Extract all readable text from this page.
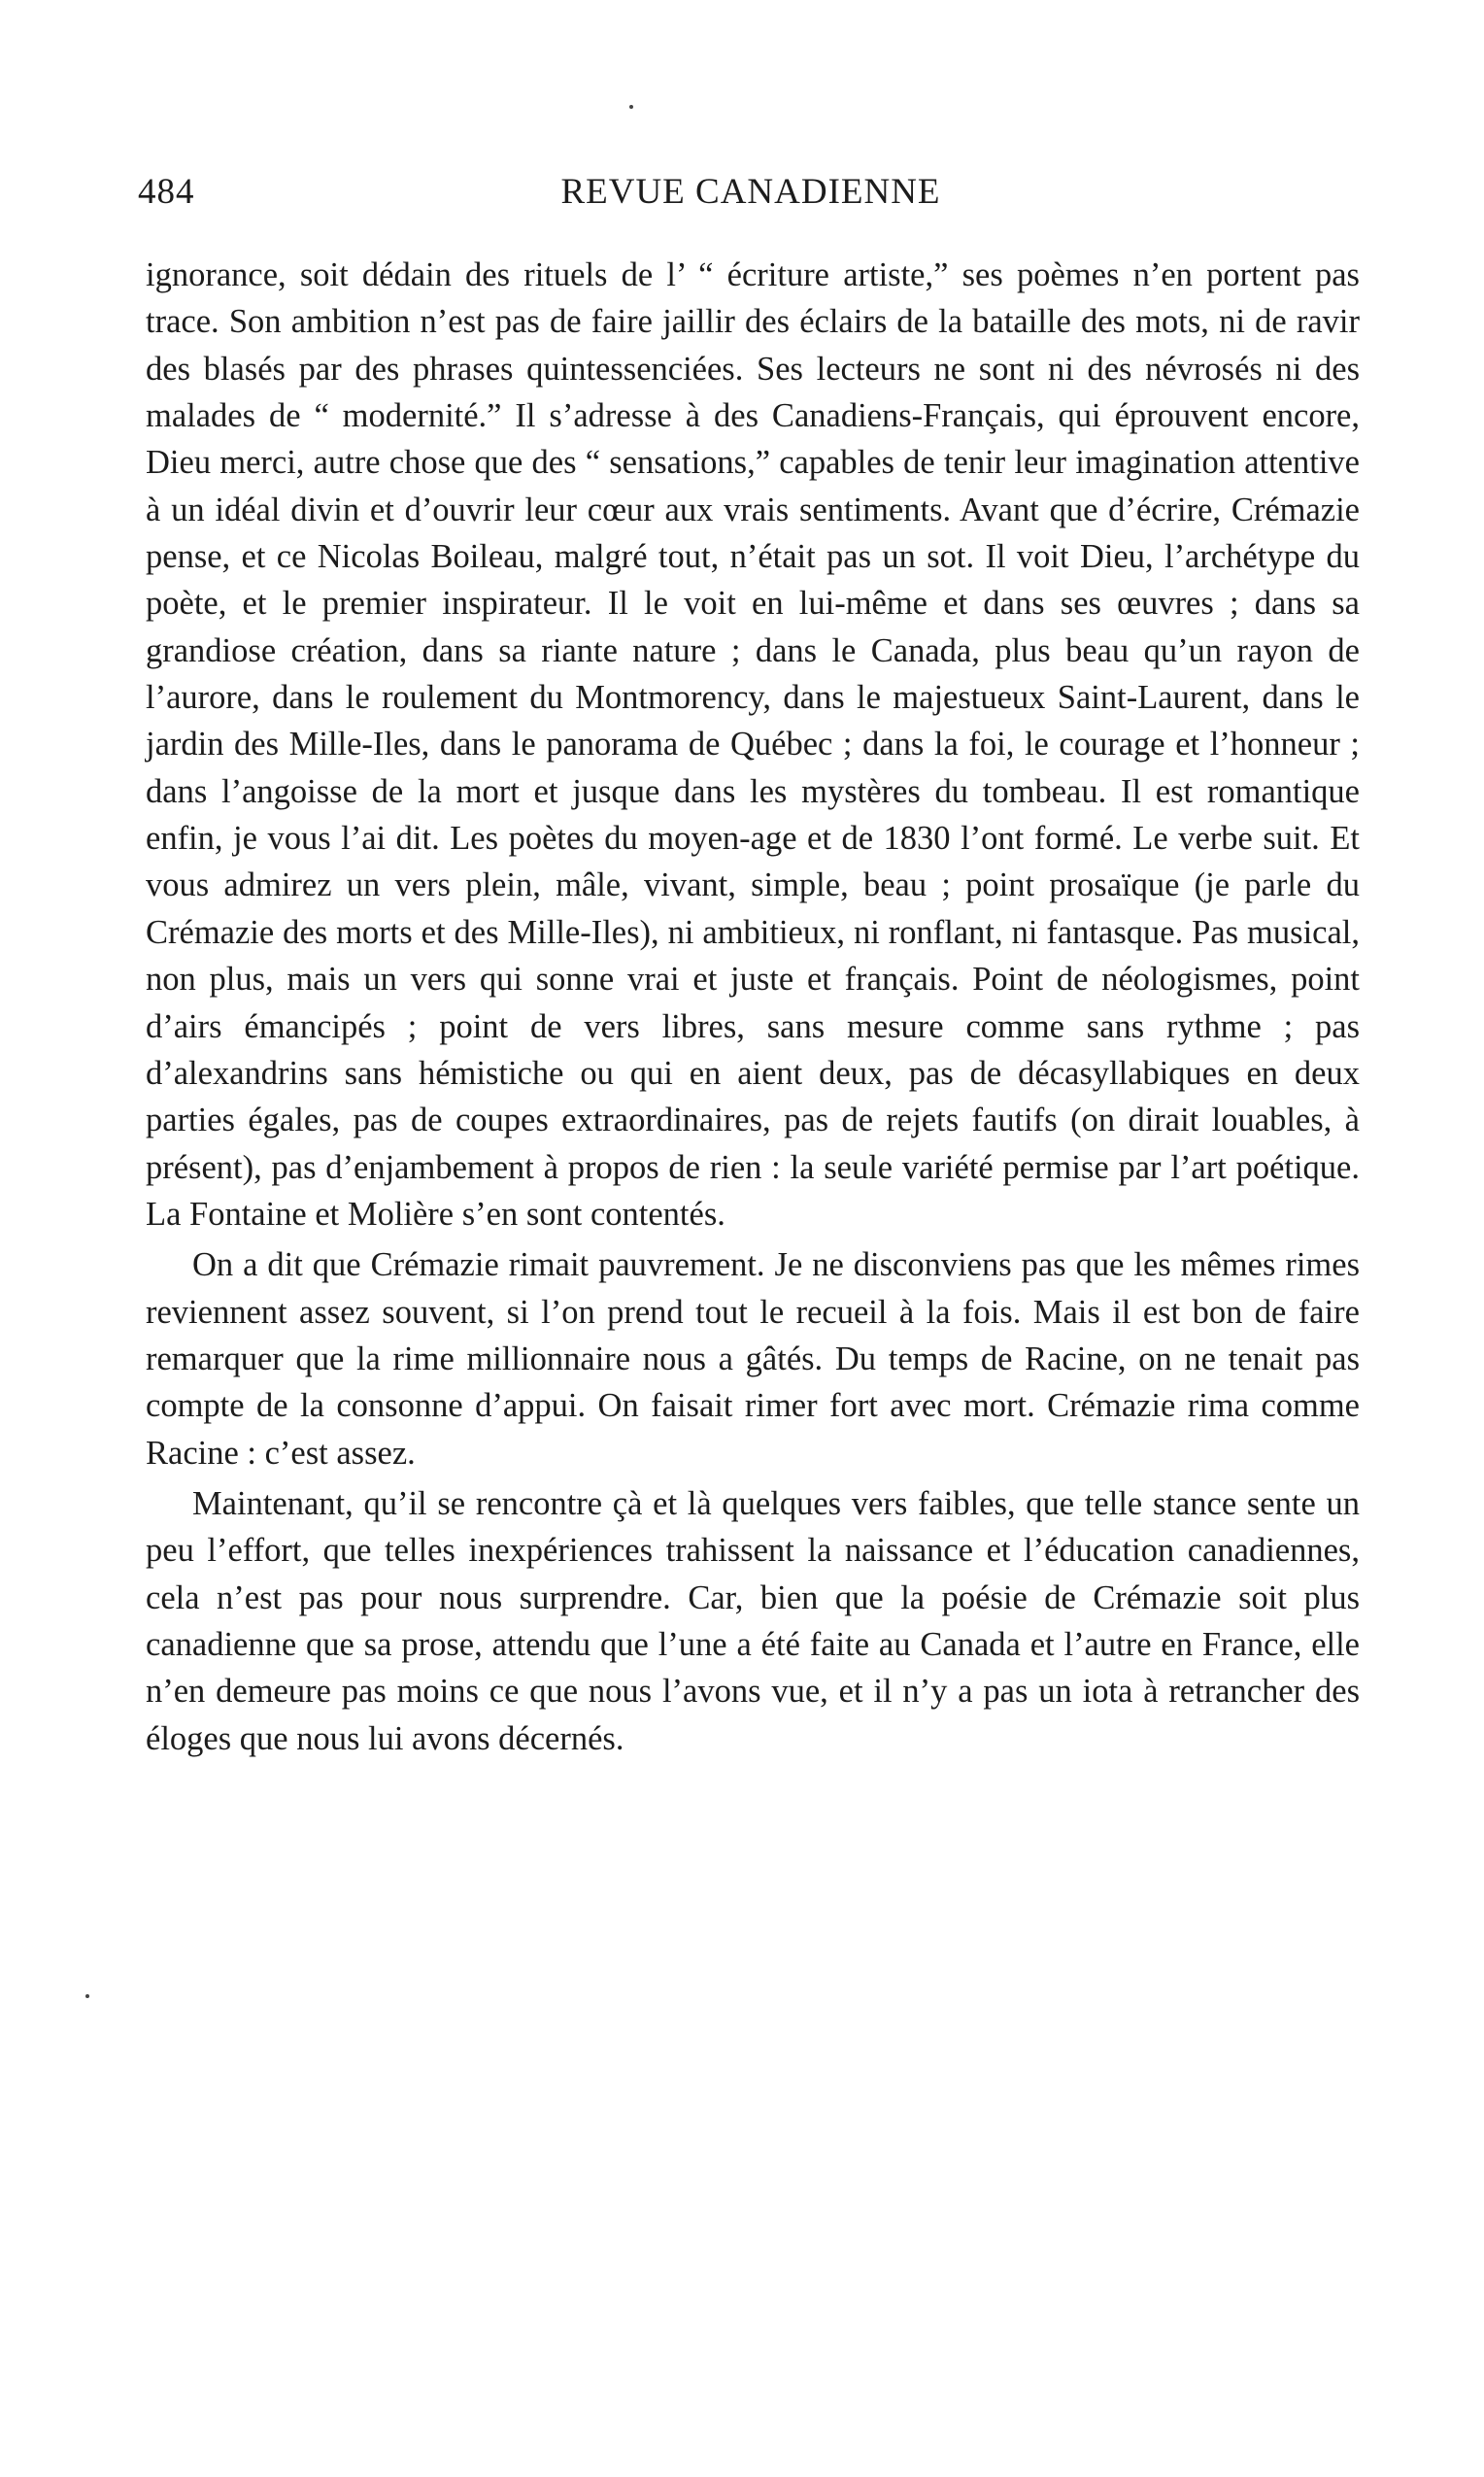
484	REVUE CANADIENNE

ignorance, soit dédain des rituels de l’ “ écriture artiste,” ses poèmes n’en portent pas trace. Son ambition n’est pas de faire jaillir des éclairs de la bataille des mots, ni de ravir des blasés par des phrases quintessenciées. Ses lecteurs ne sont ni des névrosés ni des malades de “ modernité.” Il s’adresse à des Canadiens-Français, qui éprouvent encore, Dieu merci, autre chose que des “ sensations,” capables de tenir leur imagination attentive à un idéal divin et d’ouvrir leur cœur aux vrais sentiments. Avant que d’écrire, Crémazie pense, et ce Nicolas Boileau, malgré tout, n’était pas un sot. Il voit Dieu, l’archétype du poète, et le premier inspirateur. Il le voit en lui-même et dans ses œuvres ; dans sa grandiose création, dans sa riante nature ; dans le Canada, plus beau qu’un rayon de l’aurore, dans le roulement du Montmorency, dans le majestueux Saint-Laurent, dans le jardin des Mille-Iles, dans le panorama de Québec ; dans la foi, le courage et l’honneur ; dans l’angoisse de la mort et jusque dans les mystères du tombeau. Il est romantique enfin, je vous l’ai dit. Les poètes du moyen-age et de 1830 l’ont formé. Le verbe suit. Et vous admirez un vers plein, mâle, vivant, simple, beau ; point prosaïque (je parle du Crémazie des morts et des Mille-Iles), ni ambitieux, ni ronflant, ni fantasque. Pas musical, non plus, mais un vers qui sonne vrai et juste et français. Point de néologismes, point d’airs émancipés ; point de vers libres, sans mesure comme sans rythme ; pas d’alexandrins sans hémistiche ou qui en aient deux, pas de décasyllabiques en deux parties égales, pas de coupes extraordinaires, pas de rejets fautifs (on dirait louables, à présent), pas d’enjambement à propos de rien : la seule variété permise par l’art poétique. La Fontaine et Molière s’en sont contentés.

On a dit que Crémazie rimait pauvrement. Je ne disconviens pas que les mêmes rimes reviennent assez souvent, si l’on prend tout le recueil à la fois. Mais il est bon de faire remarquer que la rime millionnaire nous a gâtés. Du temps de Racine, on ne tenait pas compte de la consonne d’appui. On faisait rimer fort avec mort. Crémazie rima comme Racine : c’est assez.

Maintenant, qu’il se rencontre çà et là quelques vers faibles, que telle stance sente un peu l’effort, que telles inexpériences trahissent la naissance et l’éducation canadiennes, cela n’est pas pour nous surprendre. Car, bien que la poésie de Crémazie soit plus canadienne que sa prose, attendu que l’une a été faite au Canada et l’autre en France, elle n’en demeure pas moins ce que nous l’avons vue, et il n’y a pas un iota à retrancher des éloges que nous lui avons décernés.
